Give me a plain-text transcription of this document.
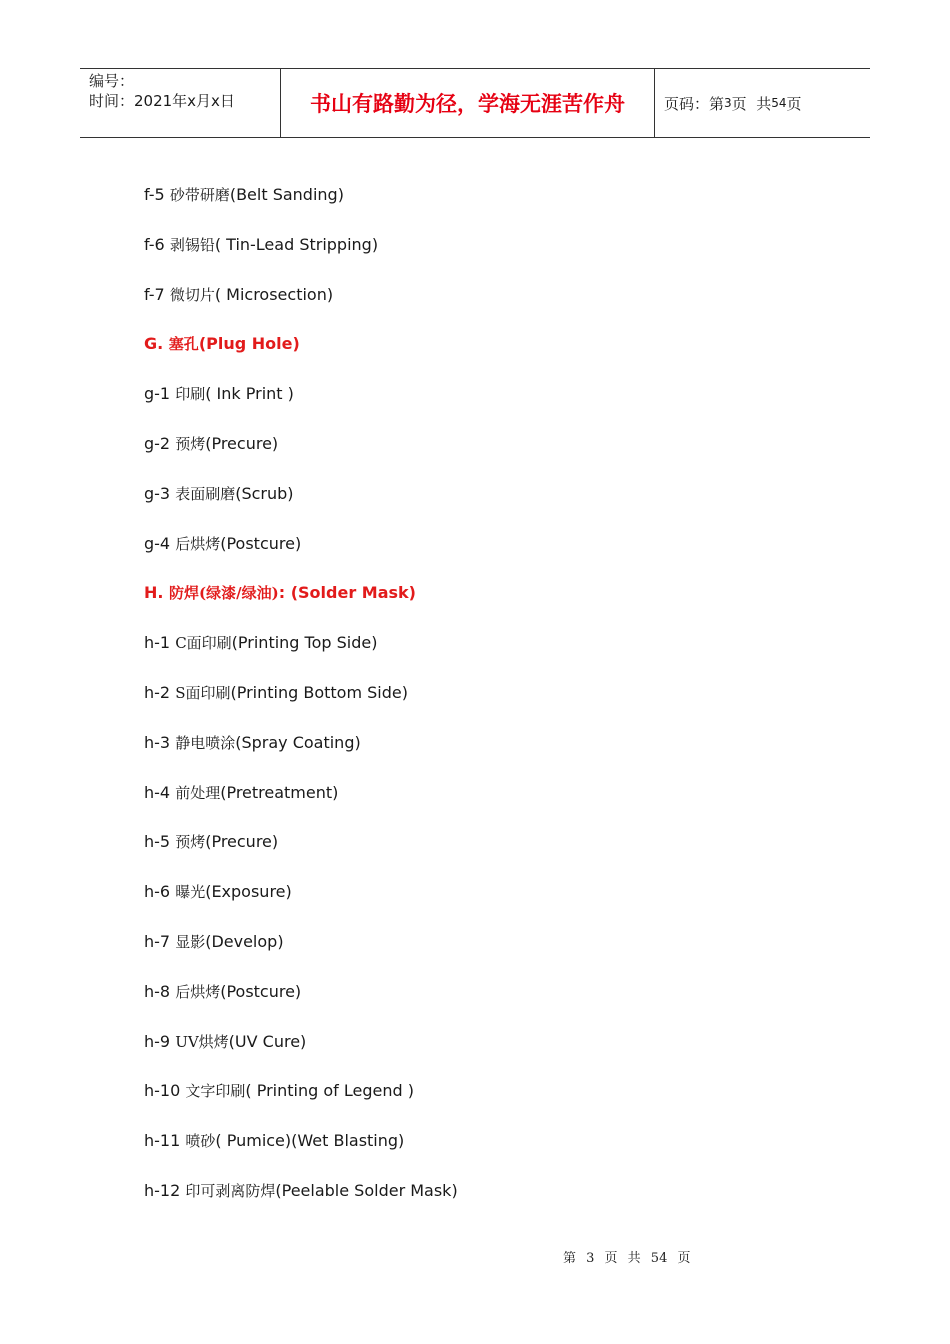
编号：
时间：2021年x月x日	书山有路勤为径，学海无涯苦作舟	页码：第 3 页  共 54 页
f-5 砂带研磨(Belt Sanding)
f-6 剥锡铅( Tin-Lead Stripping)
f-7 微切片( Microsection)
G. 塞孔(Plug Hole)
g-1 印刷( Ink Print )
g-2 预烤(Precure)
g-3 表面刷磨(Scrub)
g-4 后烘烤(Postcure)
H. 防焊(绿漆/绿油): (Solder Mask)
h-1 C面印刷(Printing Top Side)
h-2 S面印刷(Printing Bottom Side)
h-3 静电喷涂(Spray Coating)
h-4 前处理(Pretreatment)
h-5 预烤(Precure)
h-6 曝光(Exposure)
h-7 显影(Develop)
h-8 后烘烤(Postcure)
h-9 UV烘烤(UV Cure)
h-10 文字印刷( Printing of Legend )
h-11 喷砂( Pumice)(Wet Blasting)
h-12 印可剥离防焊(Peelable Solder Mask)
第 3 页 共 54 页
